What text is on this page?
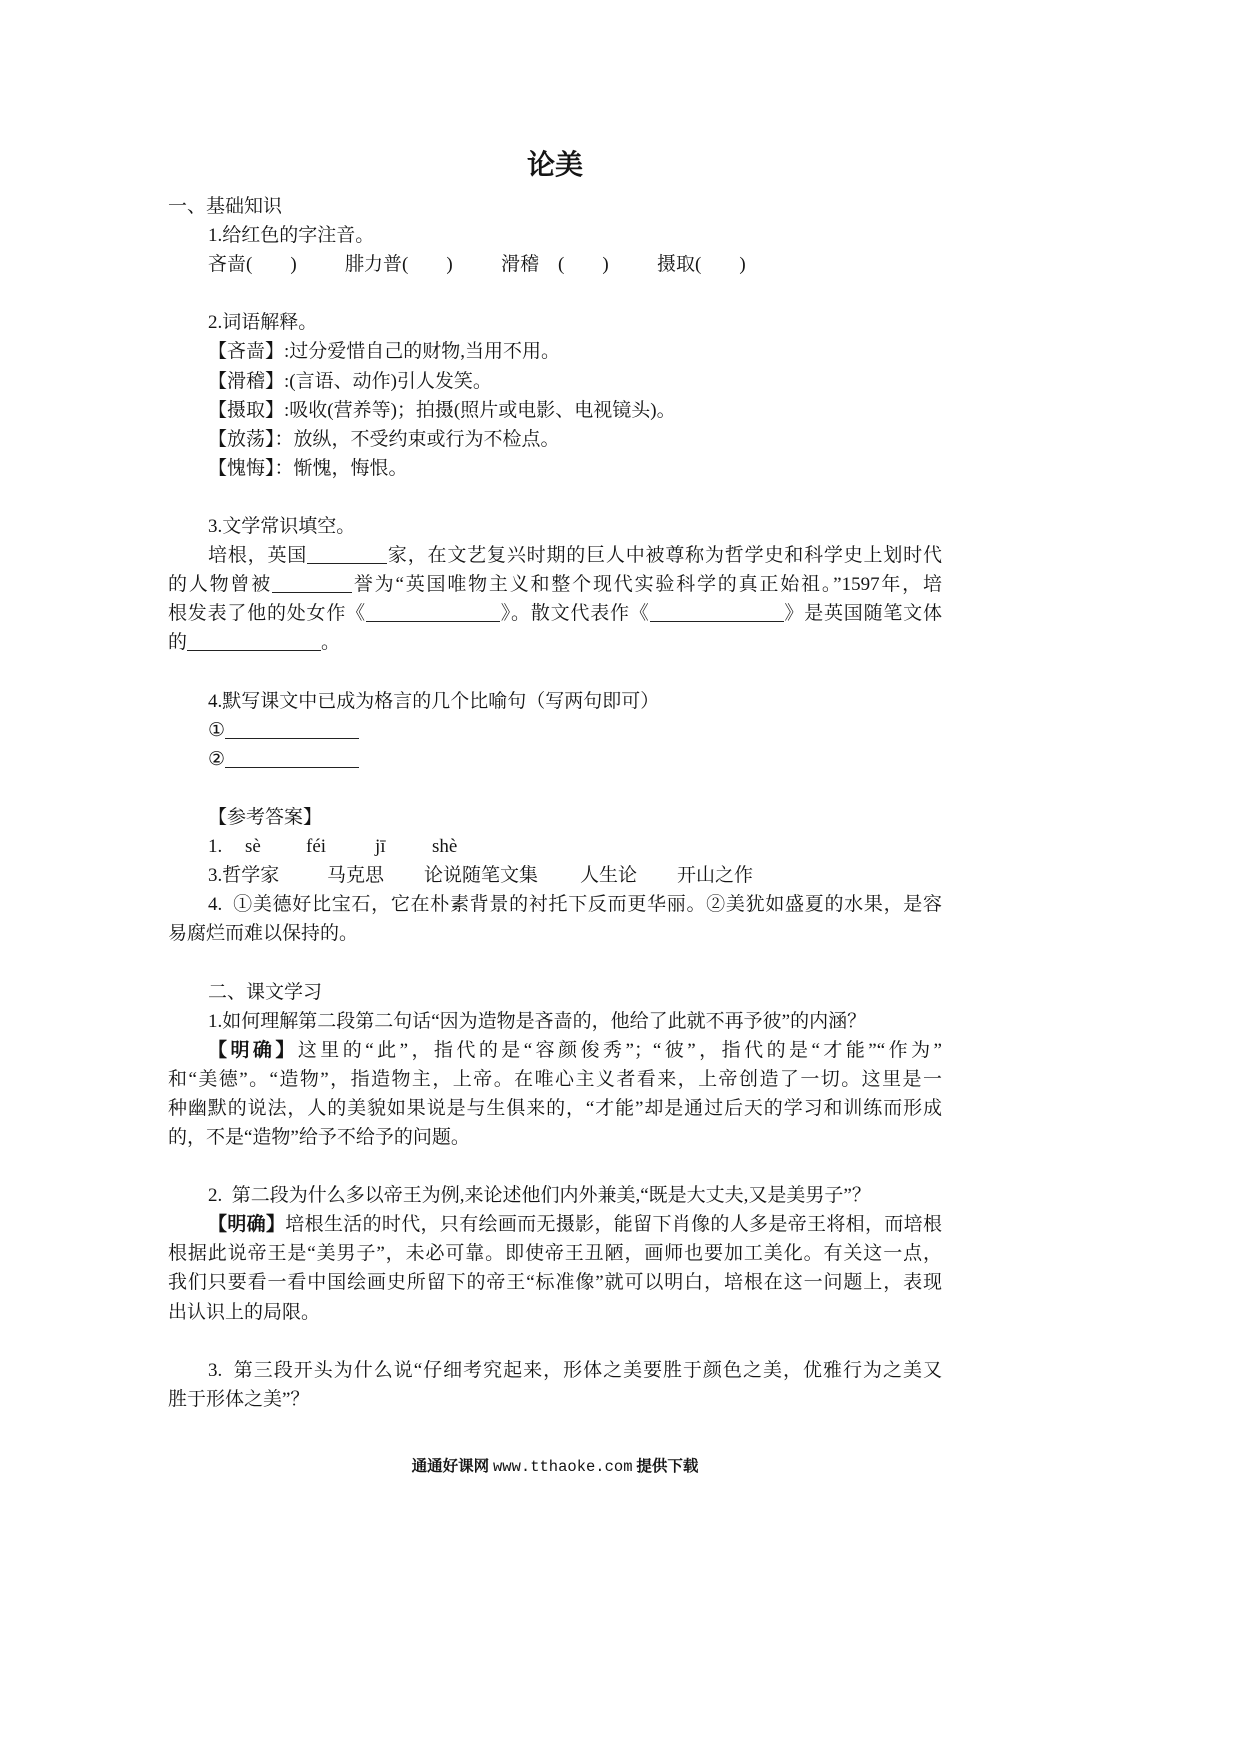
论美
一、基础知识
1.给红色的字注音。
吝啬(        )	腓力普(        )	滑稽    (        )	摄取(        )
2.词语解释。
【吝啬】:过分爱惜自己的财物,当用不用。
【滑稽】:(言语、动作)引人发笑。
【摄取】:吸收(营养等)；拍摄(照片或电影、电视镜头)。
【放荡】：放纵，不受约束或行为不检点。
【愧悔】：惭愧，悔恨。
3.文学常识填空。
培根，英国	家，在文艺复兴时期的巨人中被尊称为哲学史和科学史上划时代
的人物曾被	誉为“英国唯物主义和整个现代实验科学的真正始祖。”1597年，培
根发表了他的处女作《	》。散文代表作《	》是英国随笔文体
的	。
4.默写课文中已成为格言的几个比喻句（写两句即可）
①
②
【参考答案】
1. sè féi	jī shè
3.哲学家	马克思 论说随笔文集 人生论 开山之作
4.  ①美德好比宝石，它在朴素背景的衬托下反而更华丽。②美犹如盛夏的水果，是容
易腐烂而难以保持的。
二、课文学习
1.如何理解第二段第二句话“因为造物是吝啬的，他给了此就不再予彼”的内涵？
【明确】这里的“此”，指代的是“容颜俊秀”；“彼”，指代的是“才能”“作为”
和“美德”。“造物”，指造物主，上帝。在唯心主义者看来，上帝创造了一切。这里是一
种幽默的说法，人的美貌如果说是与生俱来的，“才能”却是通过后天的学习和训练而形成
的，不是“造物”给予不给予的问题。
2.  第二段为什么多以帝王为例,来论述他们内外兼美,“既是大丈夫,又是美男子”？
【明确】培根生活的时代，只有绘画而无摄影，能留下肖像的人多是帝王将相，而培根
根据此说帝王是“美男子”，未必可靠。即使帝王丑陋，画师也要加工美化。有关这一点，
我们只要看一看中国绘画史所留下的帝王“标准像”就可以明白，培根在这一问题上，表现
出认识上的局限。
3.  第三段开头为什么说“仔细考究起来，形体之美要胜于颜色之美，优雅行为之美又
胜于形体之美”？
通通好课网 www.tthaoke.com 提供下载
